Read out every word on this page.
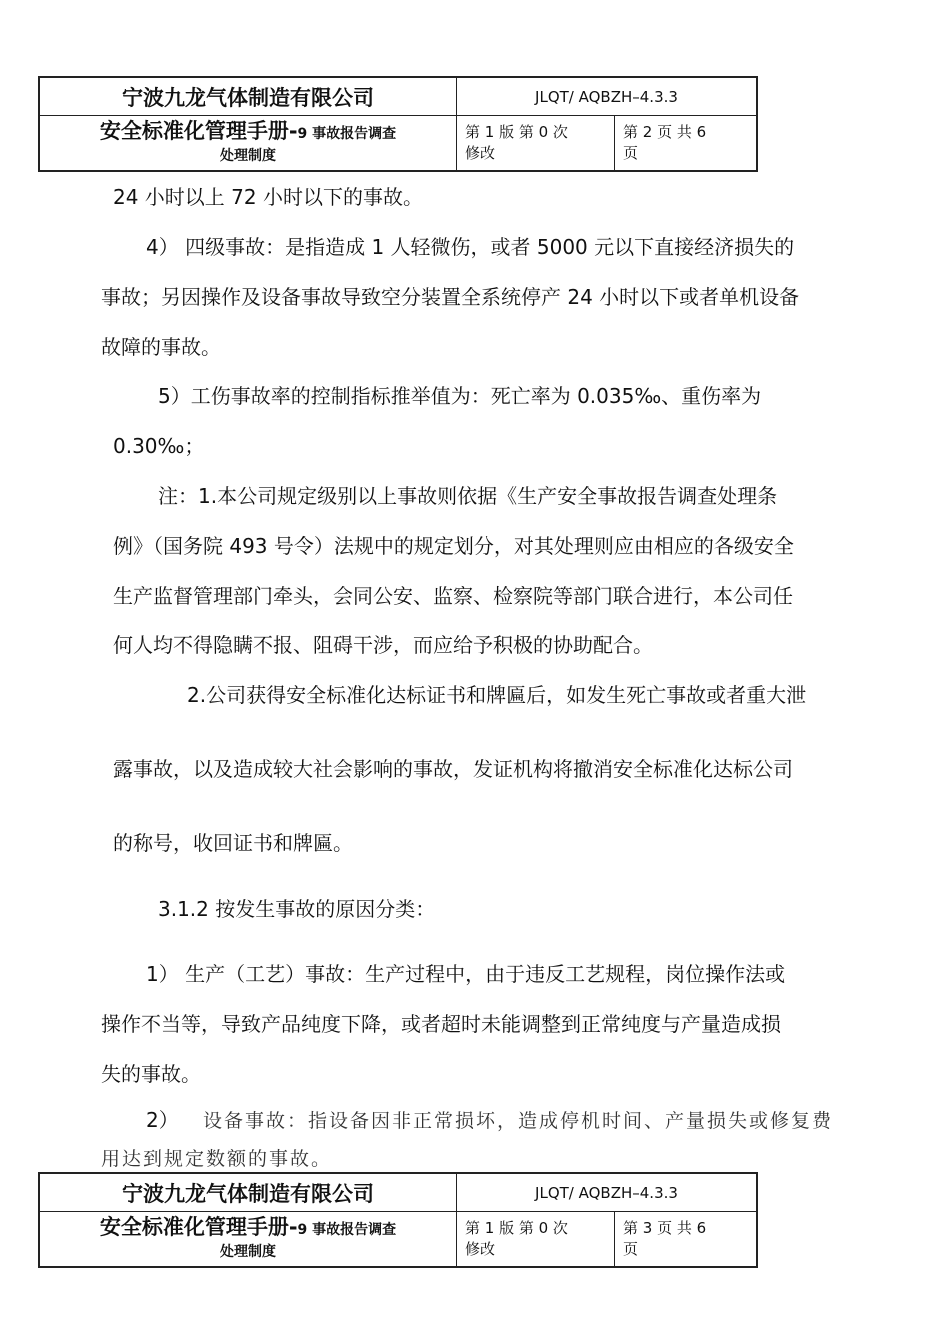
宁波九龙气体制造有限公司	JLQT/ AQBZH–4.3.3
安全标准化管理手册- 9 事故报告调查
处理制度
第 1 版 第 0 次
修改
第 2 页 共 6
页
24 小时以上 72 小时以下的事故。
4） 四级事故：是指造成 1 人轻微伤，或者 5000 元以下直接经济损失的
事故；另因操作及设备事故导致空分装置全系统停产 24 小时以下或者单机设备
故障的事故。
5）工伤事故率的控制指标推举值为：死亡率为 0.035‰、重伤率为
0.30‰；
注：1.本公司规定级别以上事故则依据《生产安全事故报告调查处理条
例》（国务院 493 号令）法规中的规定划分，对其处理则应由相应的各级安全
生产监督管理部门牵头，会同公安、监察、检察院等部门联合进行，本公司任
何人均不得隐瞒不报、阻碍干涉，而应给予积极的协助配合。
2.公司获得安全标准化达标证书和牌匾后，如发生死亡事故或者重大泄
露事故，以及造成较大社会影响的事故，发证机构将撤消安全标准化达标公司
的称号，收回证书和牌匾。
3.1.2 按发生事故的原因分类：
1） 生产（工艺）事故：生产过程中，由于违反工艺规程，岗位操作法或
操作不当等，导致产品纯度下降，或者超时未能调整到正常纯度与产量造成损
失的事故。
2） 设备事故：指设备因非正常损坏，造成停机时间、产量损失或修复费
用达到规定数额的事故。
宁波九龙气体制造有限公司	JLQT/ AQBZH–4.3.3
安全标准化管理手册- 9 事故报告调查
处理制度
第 1 版 第 0 次
修改
第 3 页 共 6
页
